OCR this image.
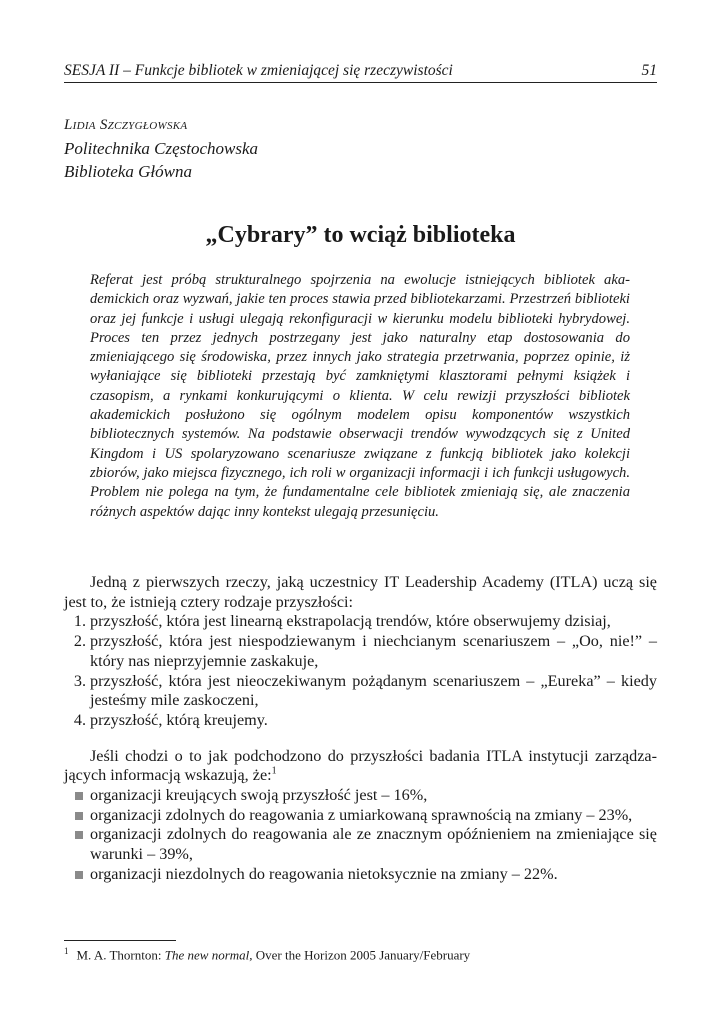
SESJA II – Funkcje bibliotek w zmieniającej się rzeczywistości	51
Lidia Szczygłowska
Politechnika Częstochowska
Biblioteka Główna
„Cybrary” to wciąż biblioteka

Referat jest próbą strukturalnego spojrzenia na ewolucje istniejących bibliotek akademickich oraz wyzwań, jakie ten proces stawia przed bibliotekarzami. Przestrzeń biblioteki oraz jej funkcje i usługi ulegają rekonfiguracji w kierunku modelu biblioteki hybrydowej. Proces ten przez jednych postrzegany jest jako naturalny etap dostosowania do zmieniającego się środowiska, przez innych jako strategia przetrwania, poprzez opinie, iż wyłaniające się biblioteki przestają być zamkniętymi klasztorami pełnymi książek i czasopism, a rynkami konkurującymi o klienta. W celu rewizji przyszłości bibliotek akademickich posłużono się ogólnym modelem opisu komponentów wszystkich bibliotecznych systemów. Na podstawie obserwacji trendów wywodzących się z United Kingdom i US spolaryzowano scenariusze związane z funkcją bibliotek jako kolekcji zbiorów, jako miejsca fizycznego, ich roli w organizacji informacji i ich funkcji usługowych. Problem nie polega na tym, że fundamentalne cele bibliotek zmieniają się, ale znaczenia różnych aspektów dając inny kontekst ulegają przesunięciu.

Jedną z pierwszych rzeczy, jaką uczestnicy IT Leadership Academy (ITLA) uczą się jest to, że istnieją cztery rodzaje przyszłości:

1. przyszłość, która jest linearną ekstrapolacją trendów, które obserwujemy dzisiaj,
2. przyszłość, która jest niespodziewanym i niechcianym scenariuszem – „Oo, nie!” – który nas nieprzyjemnie zaskakuje,
3. przyszłość, która jest nieoczekiwanym pożądanym scenariuszem – „Eureka” – kiedy jesteśmy mile zaskoczeni,
4. przyszłość, którą kreujemy.

Jeśli chodzi o to jak podchodzono do przyszłości badania ITLA instytucji zarządzających informacją wskazują, że:$^1$

organizacji kreujących swoją przyszłość jest – 16%,
organizacji zdolnych do reagowania z umiarkowaną sprawnością na zmiany – 23%,
organizacji zdolnych do reagowania ale ze znacznym opóźnieniem na zmieniające się warunki – 39%,
organizacji niezdolnych do reagowania nietoksycznie na zmiany – 22%.
$^1$ M. A. Thornton: The new normal, Over the Horizon 2005 January/February
